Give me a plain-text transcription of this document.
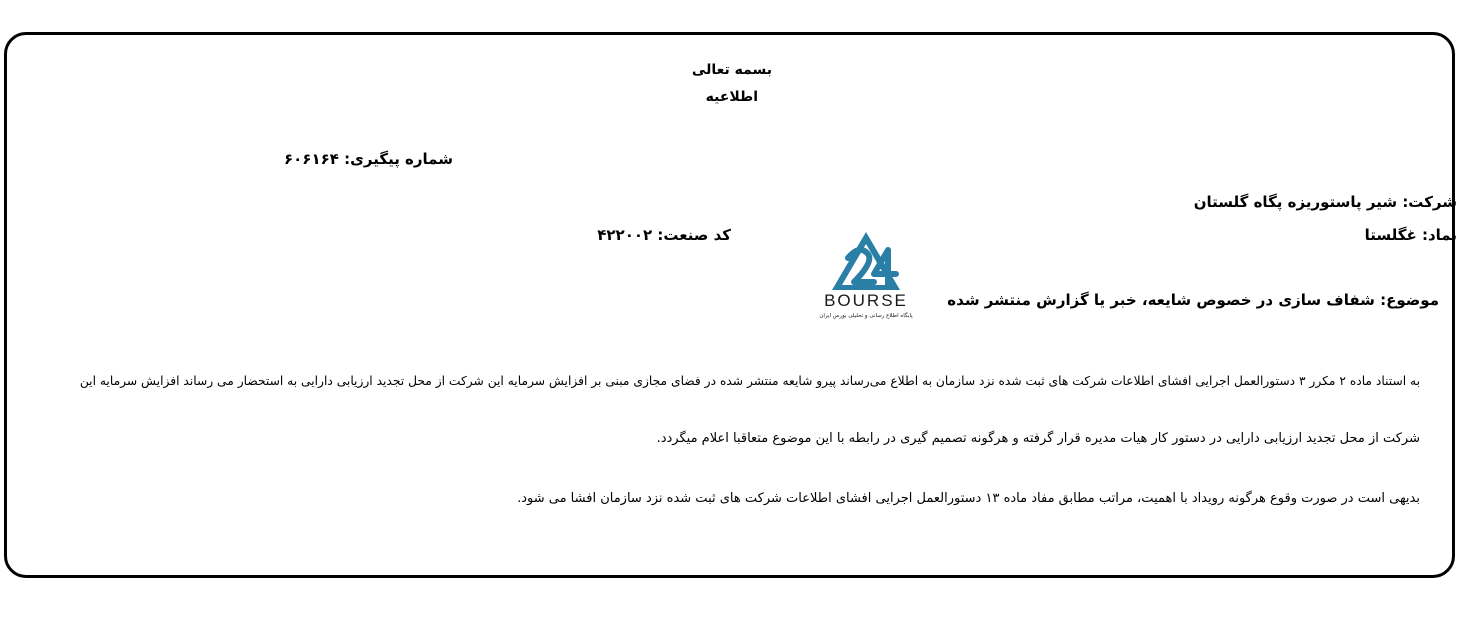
بسمه تعالی
اطلاعیه
شماره پیگیری: ۶۰۶۱۶۴
شرکت: شیر پاستوریزه پگاه گلستان
نماد: غگلستا
کد صنعت: ۴۲۲۰۰۲
موضوع: شفاف سازی در خصوص شایعه، خبر یا گزارش منتشر شده
BOURSE
پایگاه اطلاع رسانی و تحلیلی بورس ایران
به استناد ماده ۲ مکرر ۳ دستورالعمل اجرایی افشای اطلاعات شرکت های ثبت شده نزد سازمان به اطلاع می‌رساند پیرو شایعه منتشر شده در فضای مجازی مبنی بر افزایش سرمایه این شرکت از محل تجدید ارزیابی دارایی به استحضار می رساند افزایش سرمایه این
شرکت از محل تجدید ارزیابی دارایی در دستور کار هیات مدیره قرار گرفته و هرگونه تصمیم گیری در رابطه با این موضوع متعاقبا اعلام میگردد.
بدیهی است در صورت وقوع هرگونه رویداد با اهمیت، مراتب مطابق مفاد ماده ۱۳ دستورالعمل اجرایی افشای اطلاعات شرکت های ثبت شده نزد سازمان افشا می شود.
